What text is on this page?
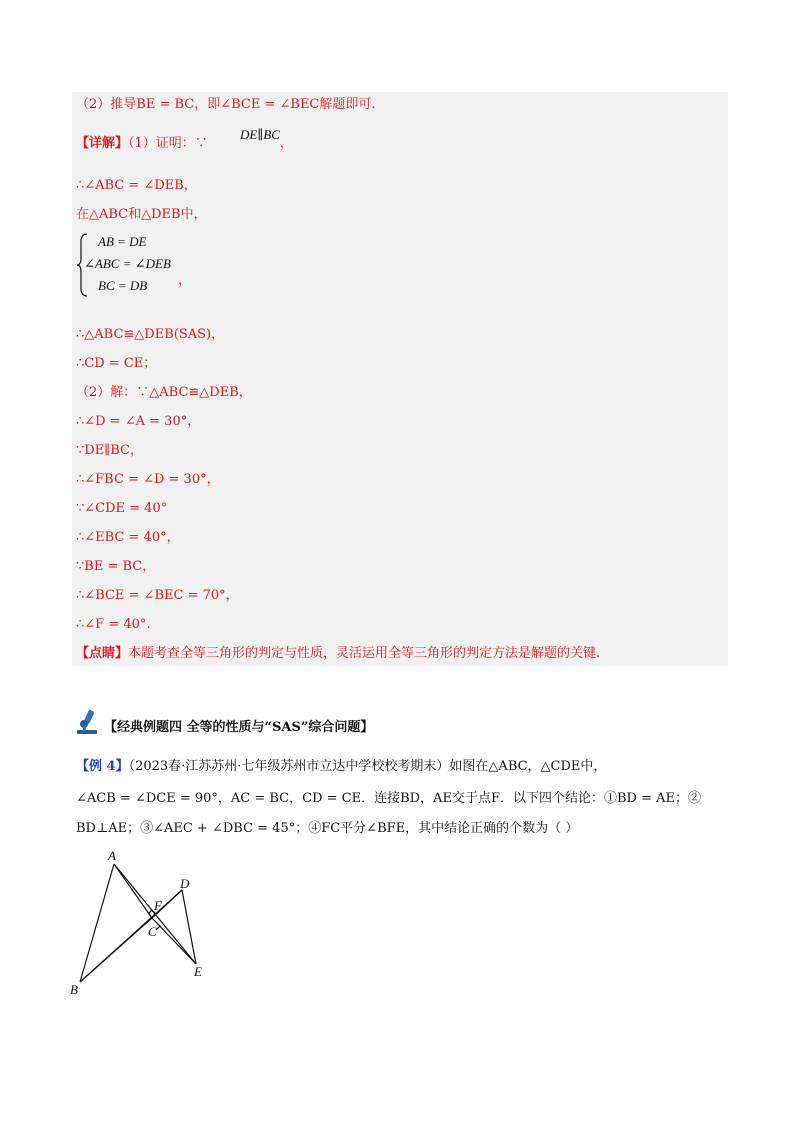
（2）推导BE = BC，即∠BCE = ∠BEC解题即可.
【详解】（1）证明：∵ DE∥BC，
∴∠ABC = ∠DEB，
在△ABC和△DEB中，
AB = DE
∠ABC = ∠DEB
BC = DB ，
∴△ABC≌△DEB(SAS)，
∴CD = CE；
（2）解：∵△ABC≌△DEB，
∴∠D = ∠A = 30°，
∵DE∥BC，
∴∠FBC = ∠D = 30°，
∵∠CDE = 40°
∴∠EBC = 40°，
∵BE = BC，
∴∠BCE = ∠BEC = 70°，
∴∠F = 40°.
【点睛】本题考查全等三角形的判定与性质，灵活运用全等三角形的判定方法是解题的关键.
【经典例题四 全等的性质与“SAS”综合问题】
【例 4】（2023春·江苏苏州·七年级苏州市立达中学校校考期末）如图在△ABC，△CDE中，
∠ACB = ∠DCE = 90°，AC = BC，CD = CE．连接BD，AE交于点F．以下四个结论：①BD = AE；②
BD⊥AE；③∠AEC + ∠DBC = 45°；④FC平分∠BFE，其中结论正确的个数为（ ）
A
B
C
D
E
F
